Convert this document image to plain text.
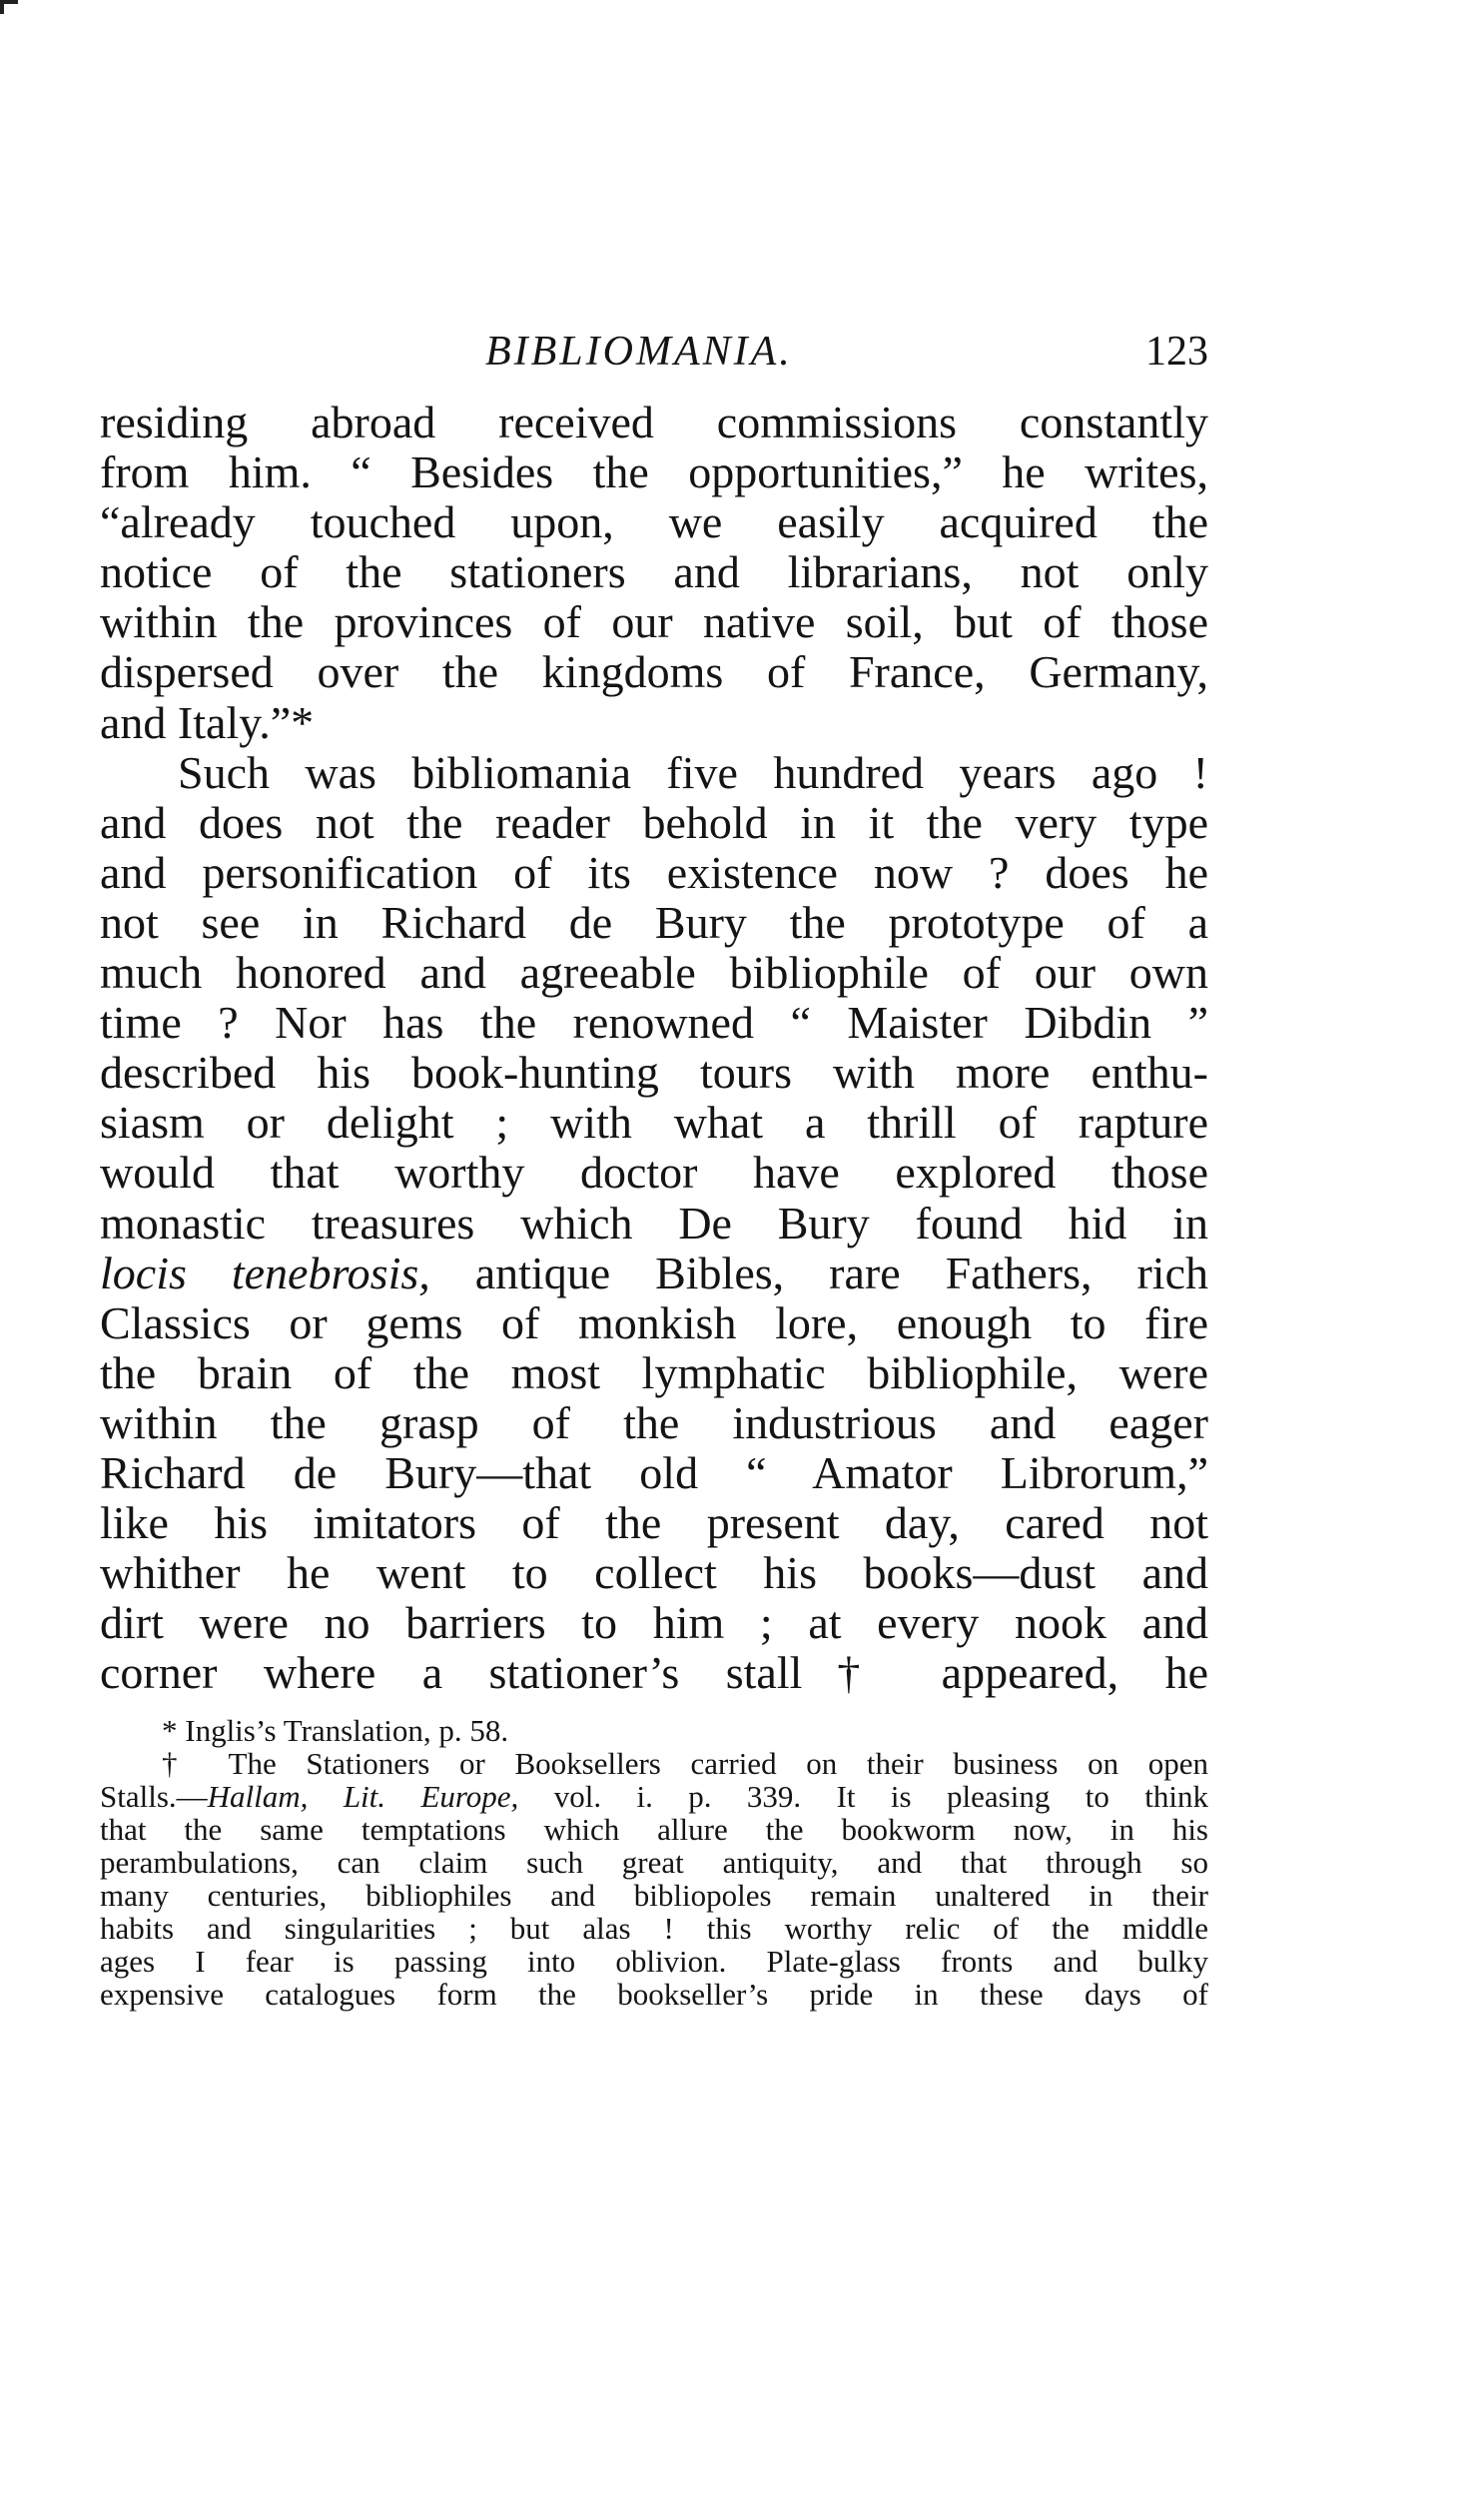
BIBLIOMANIA.	123
residing abroad received commissions constantly
from him. “ Besides the opportunities,” he writes,
“already touched upon, we easily acquired the
notice of the stationers and librarians, not only
within the provinces of our native soil, but of those
dispersed over the kingdoms of France, Germany,
and Italy.”*
Such was bibliomania five hundred years ago !
and does not the reader behold in it the very type
and personification of its existence now ? does he
not see in Richard de Bury the prototype of a
much honored and agreeable bibliophile of our own
time ? Nor has the renowned “ Maister Dibdin ”
described his book-hunting tours with more enthu-
siasm or delight ; with what a thrill of rapture
would that worthy doctor have explored those
monastic treasures which De Bury found hid in
locis tenebrosis, antique Bibles, rare Fathers, rich
Classics or gems of monkish lore, enough to fire
the brain of the most lymphatic bibliophile, were
within the grasp of the industrious and eager
Richard de Bury—that old “ Amator Librorum,”
like his imitators of the present day, cared not
whither he went to collect his books—dust and
dirt were no barriers to him ; at every nook and
corner where a stationer’s stall† appeared, he
* Inglis’s Translation, p. 58.
† The Stationers or Booksellers carried on their business on open
Stalls.—Hallam, Lit. Europe, vol. i. p. 339. It is pleasing to think
that the same temptations which allure the bookworm now, in his
perambulations, can claim such great antiquity, and that through so
many centuries, bibliophiles and bibliopoles remain unaltered in their
habits and singularities ; but alas ! this worthy relic of the middle
ages I fear is passing into oblivion. Plate-glass fronts and bulky
expensive catalogues form the bookseller’s pride in these days of
